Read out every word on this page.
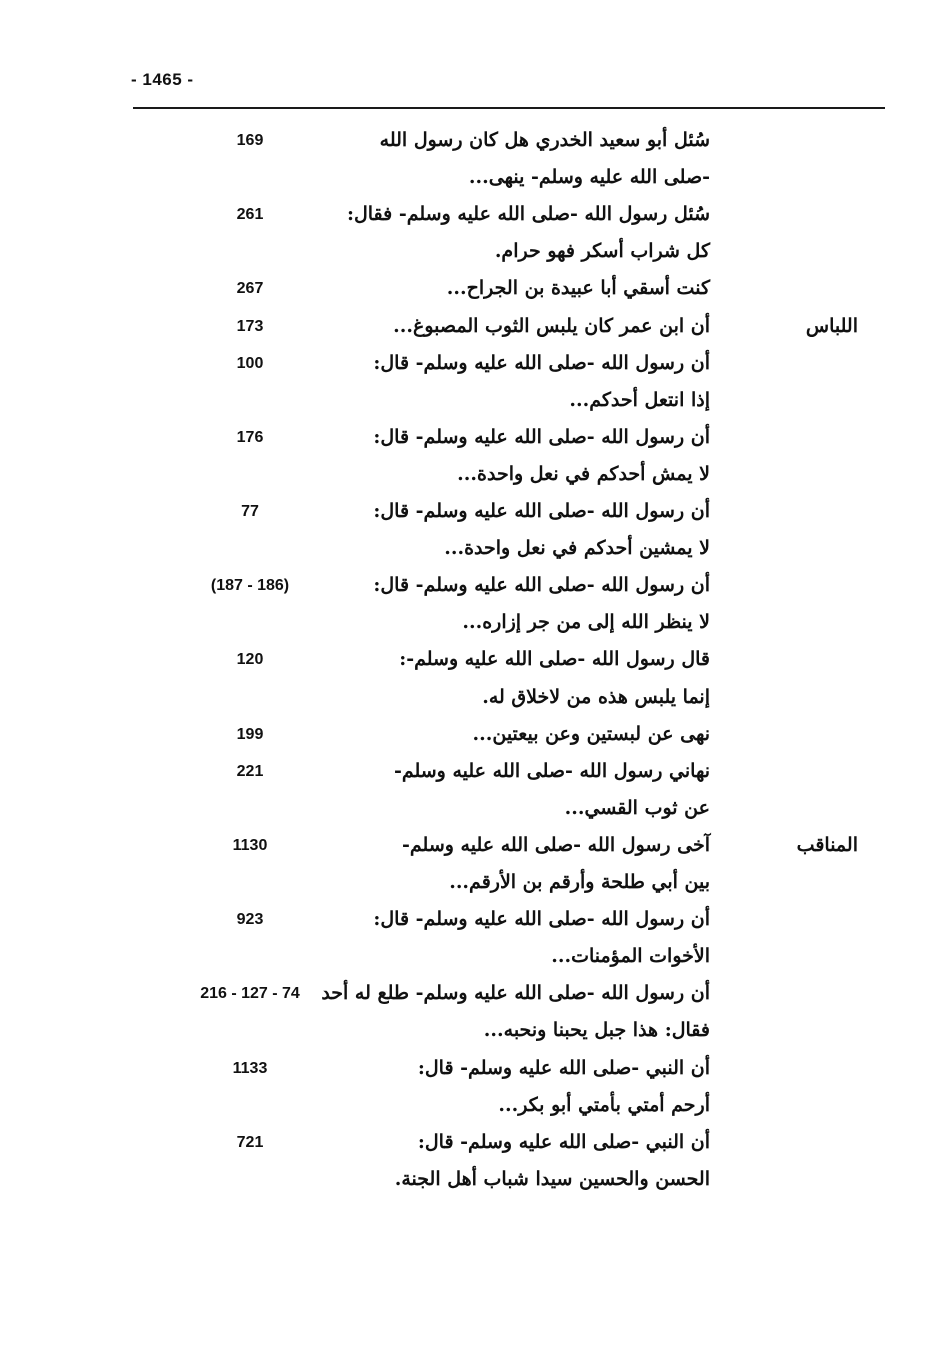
- 1465 -
سُئل أبو سعيد الخدري هل كان رسول الله
169
-صلى الله عليه وسلم- ينهى...
سُئل رسول الله -صلى الله عليه وسلم- فقال:
261
كل شراب أسكر فهو حرام.
كنت أسقي أبا عبيدة بن الجراح...
267
اللباس
أن ابن عمر كان يلبس الثوب المصبوغ...
173
أن رسول الله -صلى الله عليه وسلم- قال:
100
إذا انتعل أحدكم...
أن رسول الله -صلى الله عليه وسلم- قال:
176
لا يمش أحدكم في نعل واحدة...
أن رسول الله -صلى الله عليه وسلم- قال:
77
لا يمشين أحدكم في نعل واحدة...
أن رسول الله -صلى الله عليه وسلم- قال:
(187 - 186)
لا ينظر الله إلى من جر إزاره...
قال رسول الله -صلى الله عليه وسلم-:
120
إنما يلبس هذه من لاخلاق له.
نهى عن لبستين وعن بيعتين...
199
نهاني رسول الله -صلى الله عليه وسلم-
221
عن ثوب القسي...
المناقب
آخى رسول الله -صلى الله عليه وسلم-
1130
بين أبي طلحة وأرقم بن الأرقم...
أن رسول الله -صلى الله عليه وسلم- قال:
923
الأخوات المؤمنات...
أن رسول الله -صلى الله عليه وسلم- طلع له أحد
216 - 127 - 74
فقال: هذا جبل يحبنا ونحبه...
أن النبي -صلى الله عليه وسلم- قال:
1133
أرحم أمتي بأمتي أبو بكر...
أن النبي -صلى الله عليه وسلم- قال:
721
الحسن والحسين سيدا شباب أهل الجنة.
